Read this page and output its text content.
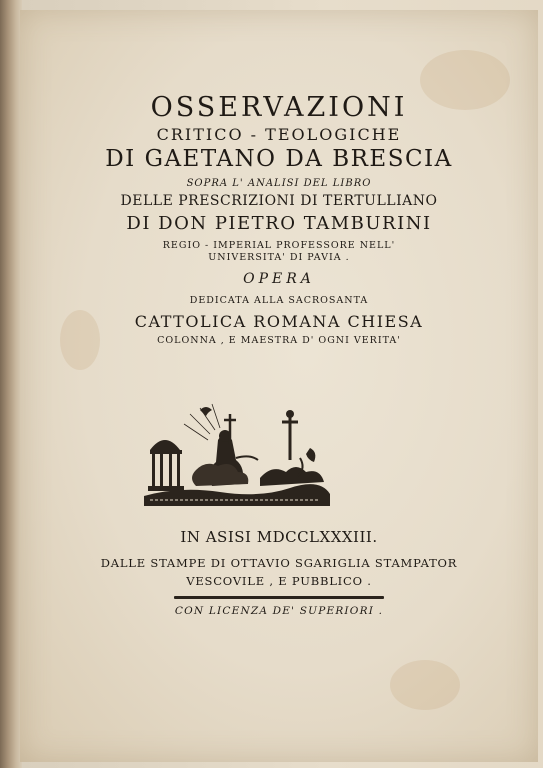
OSSERVAZIONI
CRITICO - TEOLOGICHE
DI GAETANO DA BRESCIA
SOPRA L' ANALISI DEL LIBRO
DELLE PRESCRIZIONI DI TERTULLIANO
DI DON PIETRO TAMBURINI
REGIO - IMPERIAL PROFESSORE NELL'
UNIVERSITA' DI PAVIA .
OPERA
DEDICATA ALLA SACROSANTA
CATTOLICA ROMANA CHIESA
COLONNA , E MAESTRA D' OGNI VERITA'
IN ASISI MDCCLXXXIII.
DALLE STAMPE DI OTTAVIO SGARIGLIA STAMPATOR
VESCOVILE , E PUBBLICO .
CON LICENZA DE' SUPERIORI .
